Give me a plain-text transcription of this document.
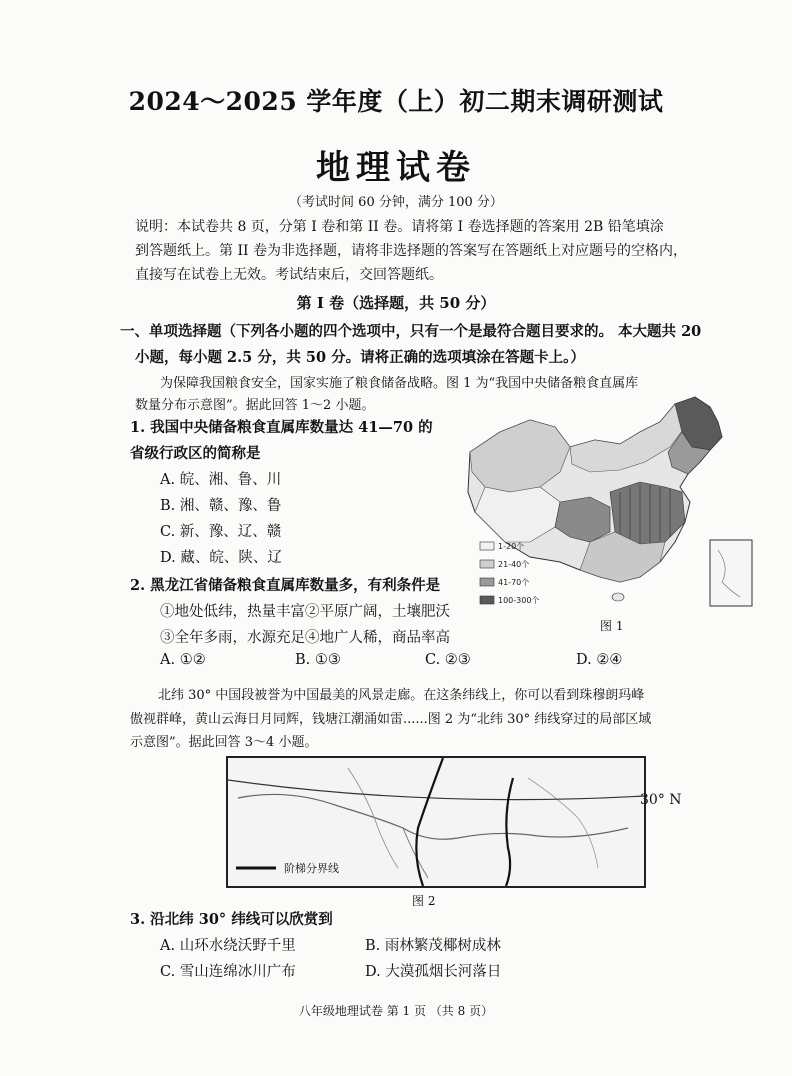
2024～2025 学年度（上）初二期末调研测试
地理试卷
（考试时间 60 分钟，满分 100 分）
说明：本试卷共 8 页，分第 I 卷和第 II 卷。请将第 I 卷选择题的答案用 2B 铅笔填涂
到答题纸上。第 II 卷为非选择题，请将非选择题的答案写在答题纸上对应题号的空格内，
直接写在试卷上无效。考试结束后，交回答题纸。
第 I 卷（选择题，共 50 分）
一、单项选择题（下列各小题的四个选项中，只有一个是最符合题目要求的。 本大题共 20
小题，每小题 2.5 分，共 50 分。请将正确的选项填涂在答题卡上。）
为保障我国粮食安全，国家实施了粮食储备战略。图 1 为“我国中央储备粮食直属库
数量分布示意图”。据此回答 1～2 小题。
1. 我国中央储备粮食直属库数量达 41—70 的
省级行政区的简称是
A. 皖、湘、鲁、川
B. 湘、赣、豫、鲁
C. 新、豫、辽、赣
D. 藏、皖、陕、辽
2. 黑龙江省储备粮食直属库数量多，有利条件是
①地处低纬，热量丰富②平原广阔，土壤肥沃
③全年多雨，水源充足④地广人稀，商品率高
A. ①②	B. ①③	C. ②③	D. ②④
1-20个
21-40个
41-70个
100-300个
图 1
北纬 30° 中国段被誉为中国最美的风景走廊。在这条纬线上，你可以看到珠穆朗玛峰
傲视群峰，黄山云海日月同辉，钱塘江潮涌如雷......图 2 为“北纬 30° 纬线穿过的局部区域
示意图”。据此回答 3～4 小题。
阶梯分界线
30° N
图 2
3. 沿北纬 30° 纬线可以欣赏到
A. 山环水绕沃野千里	B. 雨林繁茂椰树成林
C. 雪山连绵冰川广布	D. 大漠孤烟长河落日
八年级地理试卷 第 1 页 （共 8 页）
